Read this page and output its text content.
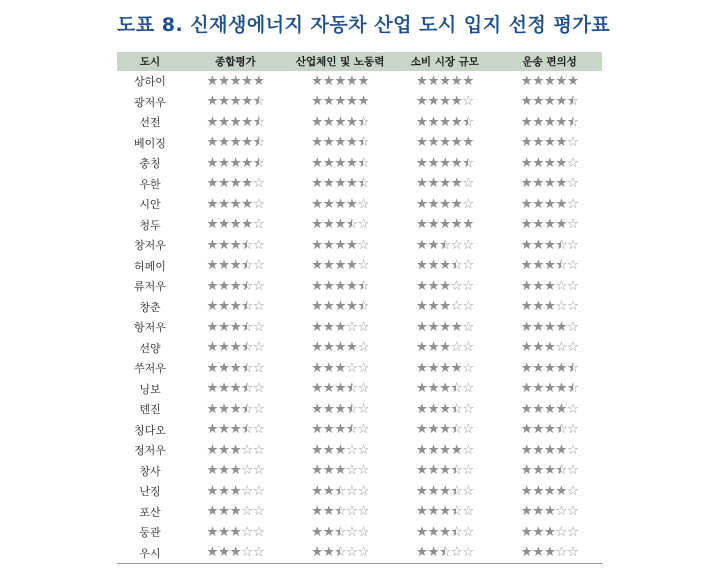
도표 8. 신재생에너지 자동차 산업 도시 입지 선정 평가표
도시	종합평가	산업체인 및 노동력	소비 시장 규모	운송 편의성
상하이	★★★★★	★★★★★	★★★★★	★★★★★
광저우	★★★★★ ☆	★★★★★	★★★★☆	★★★★★ ☆
선전	★★★★★ ☆	★★★★★ ☆	★★★★★ ☆	★★★★★ ☆
베이징	★★★★★ ☆	★★★★★ ☆	★★★★★	★★★★☆
충칭	★★★★★ ☆	★★★★★ ☆	★★★★★ ☆	★★★★☆
우한	★★★★☆	★★★★★ ☆	★★★★☆	★★★★☆
시안	★★★★☆	★★★★☆	★★★★☆	★★★★☆
청두	★★★★☆	★★★★ ☆☆	★★★★★	★★★★☆
창저우	★★★★ ☆☆	★★★★☆	★★★ ☆☆☆	★★★★ ☆☆
허페이	★★★★ ☆☆	★★★★☆	★★★★ ☆☆	★★★★ ☆☆
류저우	★★★★ ☆☆	★★★★★ ☆	★★★☆☆	★★★☆☆
창춘	★★★★ ☆☆	★★★★★ ☆	★★★☆☆	★★★☆☆
항저우	★★★★ ☆☆	★★★☆☆	★★★★☆	★★★★☆
선양	★★★★ ☆☆	★★★★☆	★★★☆☆	★★★☆☆
쑤저우	★★★★ ☆☆	★★★☆☆	★★★★☆	★★★★★ ☆
닝보	★★★★ ☆☆	★★★★ ☆☆	★★★★ ☆☆	★★★★★ ☆
톈진	★★★★ ☆☆	★★★★ ☆☆	★★★★ ☆☆	★★★★☆
칭다오	★★★★ ☆☆	★★★★ ☆☆	★★★★ ☆☆	★★★★ ☆☆
정저우	★★★☆☆	★★★☆☆	★★★★☆	★★★★☆
창사	★★★☆☆	★★★☆☆	★★★★ ☆☆	★★★★ ☆☆
난징	★★★☆☆	★★★ ☆☆☆	★★★★ ☆☆	★★★★☆
포산	★★★☆☆	★★★ ☆☆☆	★★★★ ☆☆	★★★☆☆
둥관	★★★☆☆	★★★ ☆☆☆	★★★★ ☆☆	★★★☆☆
우시	★★★☆☆	★★★ ☆☆☆	★★★ ☆☆☆	★★★☆☆
